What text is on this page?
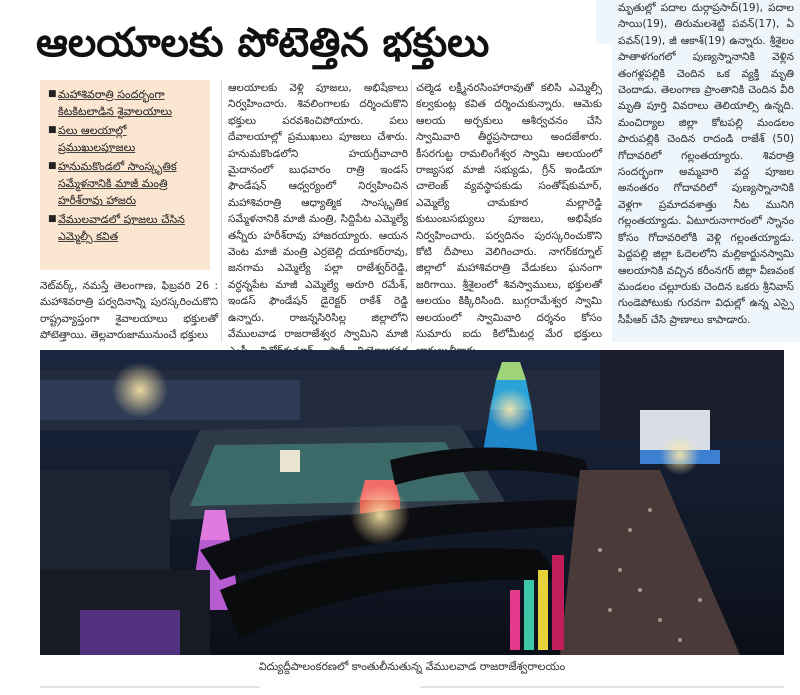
ఆలయాలకు పోటెత్తిన భక్తులు
■ మహాశివరాత్రి సందర్భంగా కిటకిటలాడిన శైవాలయాలు
■ పలు ఆలయాల్లో ప్రముఖులపూజలు
■ హనుమకొండలో సాంస్కృతిక సమ్మేళనానికి మాజీ మంత్రి హరీశ్‌రావు హాజరు
■ వేములవాడలో పూజలు చేసిన ఎమ్మెల్సీ కవిత

నెట్‌వర్క్, నమస్తే తెలంగాణ, ఫిబ్రవరి 26 : మహాశివరాత్రి పర్వదినాన్ని పురస్కరించుకొని రాష్ట్రవ్యాప్తంగా శైవాలయాలు భక్తులతో పోటెత్తాయి. తెల్లవారుజామునుంచే భక్తులు

ఆలయాలకు వెళ్లి పూజలు, అభిషేకాలు నిర్వహించారు. శివలింగాలకు దర్శించుకొని భక్తులు పరవశించిపోయారు. పలు దేవాలయాల్లో ప్రముఖులు పూజలు చేశారు. హనుమకొండలోని హయగ్రీవాచారి మైదానంలో బుధవారం రాత్రి ఇండస్ ఫౌండేషన్ ఆధ్వర్యంలో నిర్వహించిన మహాశివరాత్రి ఆధ్యాత్మిక సాంస్కృతిక సమ్మేళనానికి మాజీ మంత్రి, సిద్దిపేట ఎమ్మెల్యే తన్నీరు హరీశ్‌రావు హాజరయ్యారు. ఆయన వెంట మాజీ మంత్రి ఎర్రబెల్లి దయాకర్‌రావు, జనగామ ఎమ్మెల్యే పల్లా రాజేశ్వర్‌రెడ్డి, వర్ధన్నపేట మాజీ ఎమ్మెల్యే అరూరి రమేశ్, ఇండస్ ఫౌండేషన్ డైరెక్టర్ రాకేశ్ రెడ్డి ఉన్నారు. రాజన్నసిరిసిల్ల జిల్లాలోని వేములవాడ రాజరాజేశ్వర స్వామిని మాజీ

చల్మెడ లక్ష్మీనరసింహారావుతో కలిసి ఎమ్మెల్సీ కల్వకుంట్ల కవిత దర్శించుకున్నారు. ఆమెకు ఆలయ అర్చకులు ఆశీర్వచనం చేసి స్వామివారి తీర్థప్రసాదాలు అందజేశారు. కీసరగుట్ట రామలింగేశ్వర స్వామి ఆలయంలో రాజ్యసభ మాజీ సభ్యుడు, గ్రీన్ ఇండియా చాలెంజ్ వ్యవస్థాపకుడు సంతోష్‌కుమార్, ఎమ్మెల్యే చామకూర మల్లారెడ్డి కుటుంబసభ్యులు పూజలు, అభిషేకం నిర్వహించారు. పర్వదినం పురస్కరించుకొని కోటి దీపాలు వెలిగించారు. నాగర్‌కర్నూల్ జిల్లాలో మహాశివరాత్రి వేడుకలు ఘనంగా జరిగాయి. శ్రీశైలంలో శివస్వాములు, భక్తులతో ఆలయం కిక్కిరిసింది. బుగ్గరామేశ్వర స్వామి ఆలయంలో స్వామివారి దర్శనం కోసం సుమారు ఐదు కిలోమీటర్ల మేర భక్తులు

మృతుల్లో పదాల దుర్గాప్రసాద్(19), పదాల సాయి(19), తిరుమలశెట్టి పవన్(17), ఏ పవన్(19), జీ ఆకాశ్(19) ఉన్నారు. శ్రీశైలం పాతాళగంగలో పుణ్యస్నానానికి వెళ్లిన తంగళ్లపల్లికి చెందిన ఒక వ్యక్తి మృతి చెందాడు. తెలంగాణ ప్రాంతానికి చెందిన వీరి మృతి పూర్తి వివరాలు తెలియాల్సి ఉన్నది. మంచిర్యాల జిల్లా కోటపల్లి మండలం పారుపల్లికి చెందిన రాదండి రాజేశ్ (50) గోదావరిలో గల్లంతయ్యారు. శివరాత్రి సందర్భంగా అమ్మవారి వద్ద పూజల అనంతరం గోదావరిలో పుణ్యస్నానానికి వెళ్లగా ప్రమాదవశాత్తు నీట మునిగి గల్లంతయ్యాడు. ఏటూరునాగారంలో స్నానం కోసం గోదావరిలోకి వెళ్లి గల్లంతయ్యాడు. పెద్దపల్లి జిల్లా ఓదెలలోని మల్లికార్జునస్వామి ఆలయానికి వచ్చిన కరీంనగర్ జిల్లా వీణవంక మండలం చల్లూరుకు చెందిన ఒకరు శ్రీనివాస్ గుండెపోటుకు గురవగా విధుల్లో ఉన్న ఎస్సై సీపీఆర్ చేసి ప్రాణాలు కాపాడారు.

విద్యుద్దీపాలంకరణలో కాంతులీనుతున్న వేములవాడ రాజరాజేశ్వరాలయం
